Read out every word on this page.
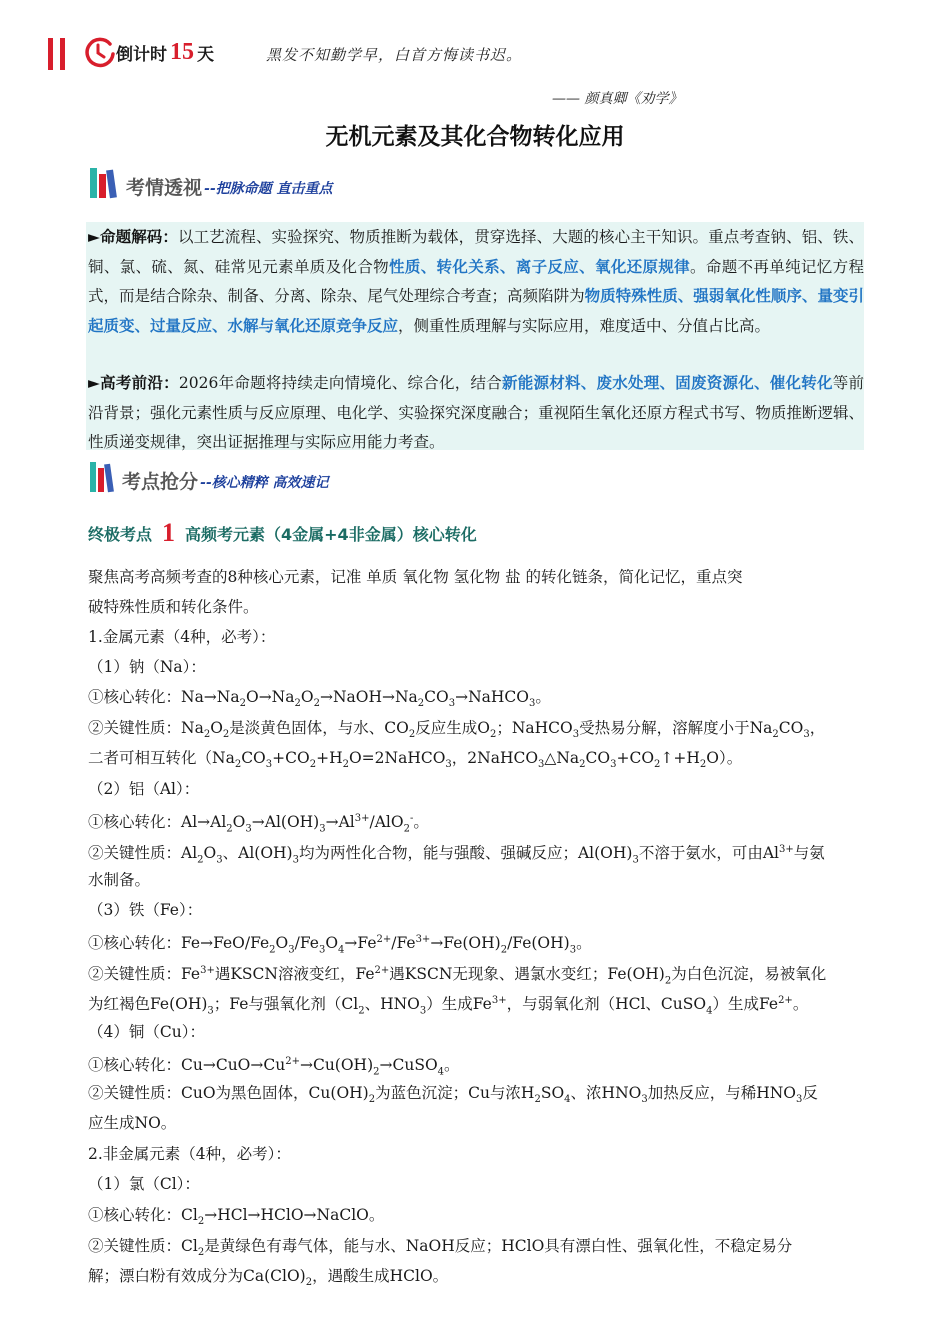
倒计时 15 天	黑发不知勤学早，白首方悔读书迟。
—— 颜真卿《劝学》
无机元素及其化合物转化应用
考情透视 --把脉命题 直击重点
►命题解码：以工艺流程、实验探究、物质推断为载体，贯穿选择、大题的核心主干知识。重点考查钠、铝、铁、铜、氯、硫、氮、硅常见元素单质及化合物性质、转化关系、离子反应、氧化还原规律。命题不再单纯记忆方程式，而是结合除杂、制备、分离、除杂、尾气处理综合考查；高频陷阱为物质特殊性质、强弱氧化性顺序、量变引起质变、过量反应、水解与氧化还原竞争反应，侧重性质理解与实际应用，难度适中、分值占比高。
►高考前沿：2026年命题将持续走向情境化、综合化，结合新能源材料、废水处理、固废资源化、催化转化等前沿背景；强化元素性质与反应原理、电化学、实验探究深度融合；重视陌生氧化还原方程式书写、物质推断逻辑、性质递变规律，突出证据推理与实际应用能力考查。
考点抢分 --核心精粹 高效速记
终极考点 1 高频考元素（4金属+4非金属）核心转化
聚焦高考高频考查的8种核心元素，记准 单质 氧化物 氢化物 盐 的转化链条，简化记忆，重点突
破特殊性质和转化条件。
1.金属元素（4种，必考）：
（1）钠（Na）：
①核心转化：$Na\to Na_2O\to Na_2O_2\to NaOH\to Na_2CO_3\to NaHCO_3$。
②关键性质：$Na_2O_2$是淡黄色固体，与水、$CO_2$反应生成$O_2$；NaHCO$_3$受热易分解，溶解度小于$Na_2CO_3$，
二者可相互转化（$Na_2CO_3+CO_2+H_2O=2NaHCO_3$，$2NaHCO_3\triangle Na_2CO_3+CO_2↑+H_2O$）。
（2）铝（Al）：
①核心转化：$Al\to Al_2O_3\to Al(OH)_3\to Al^{3+}/AlO_2^-$。
②关键性质：$Al_2O_3$、$Al(OH)_3$均为两性化合物，能与强酸、强碱反应；$Al(OH)_3$不溶于氨水，可由$Al^{3+}$与氨
水制备。
（3）铁（Fe）：
①核心转化：$Fe\to FeO/Fe_2O_3/Fe_3O_4\to Fe^{2+}/Fe^{3+}\to Fe(OH)_2/Fe(OH)_3$。
②关键性质：$Fe^{3+}$遇KSCN溶液变红，$Fe^{2+}$遇KSCN无现象、遇氯水变红；$Fe(OH)_2$为白色沉淀，易被氧化
为红褐色$Fe(OH)_3$；Fe与强氧化剂（$Cl_2$、$HNO_3$）生成$Fe^{3+}$，与弱氧化剂（HCl、CuSO$_4$）生成$Fe^{2+}$。
（4）铜（Cu）：
①核心转化：$Cu\to CuO\to Cu^{2+}\to Cu(OH)_2\to CuSO_4$。
②关键性质：CuO为黑色固体，$Cu(OH)_2$为蓝色沉淀；Cu与浓$H_2SO_4$、浓$HNO_3$加热反应，与稀$HNO_3$反
应生成NO。
2.非金属元素（4种，必考）：
（1）氯（Cl）：
①核心转化：$Cl_2\to HCl\to HClO\to NaClO$。
②关键性质：$Cl_2$是黄绿色有毒气体，能与水、NaOH反应；HClO具有漂白性、强氧化性，不稳定易分
解；漂白粉有效成分为$Ca(ClO)_2$，遇酸生成HClO。
